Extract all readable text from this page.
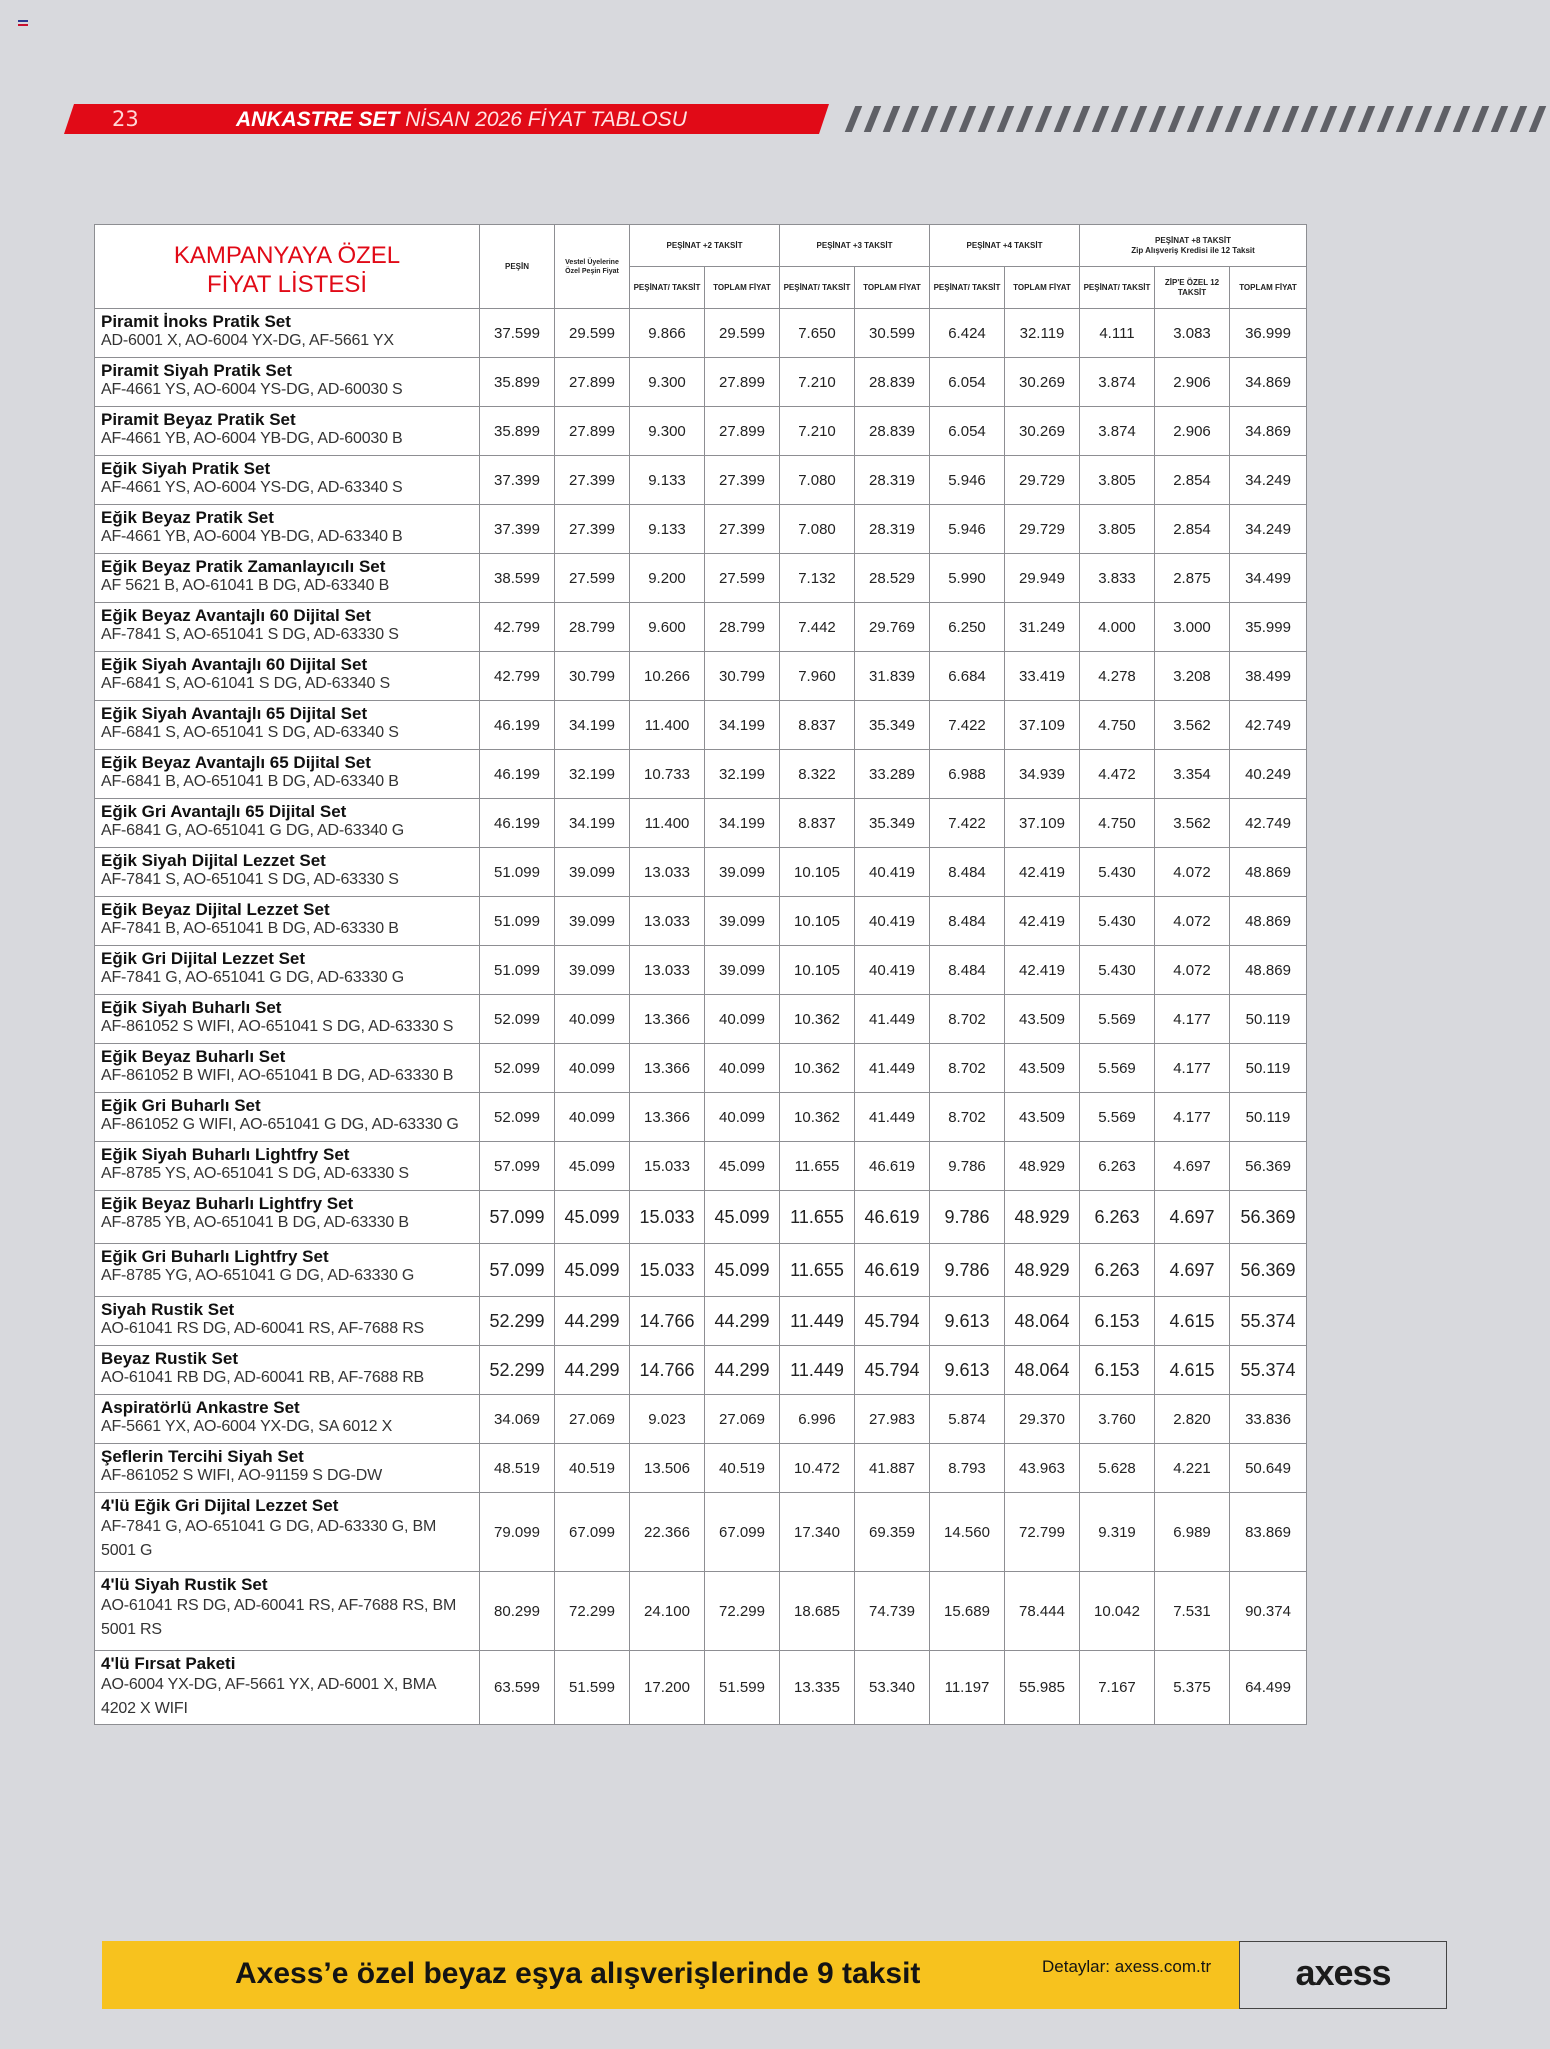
23	ANKASTRE SET NİSAN 2026 FİYAT TABLOSU
KAMPANYAYA ÖZEL
FİYAT LİSTESİ	PEŞİN	Vestel Üyelerine Özel Peşin Fiyat	PEŞİNAT +2 TAKSİT		PEŞİNAT +3 TAKSİT		PEŞİNAT +4 TAKSİT		PEŞİNAT +8 TAKSİT
Zip Alışveriş Kredisi ile 12 Taksit		
			PEŞİNAT/ TAKSİT	TOPLAM FİYAT	PEŞİNAT/ TAKSİT	TOPLAM FİYAT	PEŞİNAT/ TAKSİT	TOPLAM FİYAT	PEŞİNAT/ TAKSİT	ZİP'E ÖZEL 12 TAKSİT	TOPLAM FİYAT

Piramit İnoks Pratik Set
AD-6001 X, AO-6004 YX-DG, AF-5661 YX	37.599	29.599	9.866	29.599	7.650	30.599	6.424	32.119	4.111	3.083	36.999

Piramit Siyah Pratik Set
AF-4661 YS, AO-6004 YS-DG, AD-60030 S	35.899	27.899	9.300	27.899	7.210	28.839	6.054	30.269	3.874	2.906	34.869

Piramit Beyaz Pratik Set
AF-4661 YB, AO-6004 YB-DG, AD-60030 B	35.899	27.899	9.300	27.899	7.210	28.839	6.054	30.269	3.874	2.906	34.869

Eğik Siyah Pratik Set
AF-4661 YS, AO-6004 YS-DG, AD-63340 S	37.399	27.399	9.133	27.399	7.080	28.319	5.946	29.729	3.805	2.854	34.249

Eğik Beyaz Pratik Set
AF-4661 YB, AO-6004 YB-DG, AD-63340 B	37.399	27.399	9.133	27.399	7.080	28.319	5.946	29.729	3.805	2.854	34.249

Eğik Beyaz Pratik Zamanlayıcılı Set
AF 5621 B, AO-61041 B DG, AD-63340 B	38.599	27.599	9.200	27.599	7.132	28.529	5.990	29.949	3.833	2.875	34.499

Eğik Beyaz Avantajlı 60 Dijital Set
AF-7841 S, AO-651041 S DG, AD-63330 S	42.799	28.799	9.600	28.799	7.442	29.769	6.250	31.249	4.000	3.000	35.999

Eğik Siyah Avantajlı 60 Dijital Set
AF-6841 S, AO-61041 S DG, AD-63340 S	42.799	30.799	10.266	30.799	7.960	31.839	6.684	33.419	4.278	3.208	38.499

Eğik Siyah Avantajlı 65 Dijital Set
AF-6841 S, AO-651041 S DG, AD-63340 S	46.199	34.199	11.400	34.199	8.837	35.349	7.422	37.109	4.750	3.562	42.749

Eğik Beyaz Avantajlı 65 Dijital Set
AF-6841 B, AO-651041 B DG, AD-63340 B	46.199	32.199	10.733	32.199	8.322	33.289	6.988	34.939	4.472	3.354	40.249

Eğik Gri Avantajlı 65 Dijital Set
AF-6841 G, AO-651041 G DG, AD-63340 G	46.199	34.199	11.400	34.199	8.837	35.349	7.422	37.109	4.750	3.562	42.749

Eğik Siyah Dijital Lezzet Set
AF-7841 S, AO-651041 S DG, AD-63330 S	51.099	39.099	13.033	39.099	10.105	40.419	8.484	42.419	5.430	4.072	48.869

Eğik Beyaz Dijital Lezzet Set
AF-7841 B, AO-651041 B DG, AD-63330 B	51.099	39.099	13.033	39.099	10.105	40.419	8.484	42.419	5.430	4.072	48.869

Eğik Gri Dijital Lezzet Set
AF-7841 G, AO-651041 G DG, AD-63330 G	51.099	39.099	13.033	39.099	10.105	40.419	8.484	42.419	5.430	4.072	48.869

Eğik Siyah Buharlı Set
AF-861052 S WIFI, AO-651041 S DG, AD-63330 S	52.099	40.099	13.366	40.099	10.362	41.449	8.702	43.509	5.569	4.177	50.119

Eğik Beyaz Buharlı Set
AF-861052 B WIFI, AO-651041 B DG, AD-63330 B	52.099	40.099	13.366	40.099	10.362	41.449	8.702	43.509	5.569	4.177	50.119

Eğik Gri Buharlı Set
AF-861052 G WIFI, AO-651041 G DG, AD-63330 G	52.099	40.099	13.366	40.099	10.362	41.449	8.702	43.509	5.569	4.177	50.119

Eğik Siyah Buharlı Lightfry Set
AF-8785 YS, AO-651041 S DG, AD-63330 S	57.099	45.099	15.033	45.099	11.655	46.619	9.786	48.929	6.263	4.697	56.369

Eğik Beyaz Buharlı Lightfry Set
AF-8785 YB, AO-651041 B DG, AD-63330 B	57.099	45.099	15.033	45.099	11.655	46.619	9.786	48.929	6.263	4.697	56.369

Eğik Gri Buharlı Lightfry Set
AF-8785 YG, AO-651041 G DG, AD-63330 G	57.099	45.099	15.033	45.099	11.655	46.619	9.786	48.929	6.263	4.697	56.369

Siyah Rustik Set
AO-61041 RS DG, AD-60041 RS, AF-7688 RS	52.299	44.299	14.766	44.299	11.449	45.794	9.613	48.064	6.153	4.615	55.374

Beyaz Rustik Set
AO-61041 RB DG, AD-60041 RB, AF-7688 RB	52.299	44.299	14.766	44.299	11.449	45.794	9.613	48.064	6.153	4.615	55.374

Aspiratörlü Ankastre Set
AF-5661 YX, AO-6004 YX-DG, SA 6012 X	34.069	27.069	9.023	27.069	6.996	27.983	5.874	29.370	3.760	2.820	33.836

Şeflerin Tercihi Siyah Set
AF-861052 S WIFI, AO-91159 S DG-DW	48.519	40.519	13.506	40.519	10.472	41.887	8.793	43.963	5.628	4.221	50.649

4'lü Eğik Gri Dijital Lezzet Set
AF-7841 G, AO-651041 G DG, AD-63330 G, BM 5001 G	79.099	67.099	22.366	67.099	17.340	69.359	14.560	72.799	9.319	6.989	83.869

4'lü Siyah Rustik Set
AO-61041 RS DG, AD-60041 RS, AF-7688 RS, BM 5001 RS	80.299	72.299	24.100	72.299	18.685	74.739	15.689	78.444	10.042	7.531	90.374

4'lü Fırsat Paketi
AO-6004 YX-DG, AF-5661 YX, AD-6001 X, BMA 4202 X WIFI	63.599	51.599	17.200	51.599	13.335	53.340	11.197	55.985	7.167	5.375	64.499
Axess’e özel beyaz eşya alışverişlerinde 9 taksit	Detaylar: axess.com.tr	axess
